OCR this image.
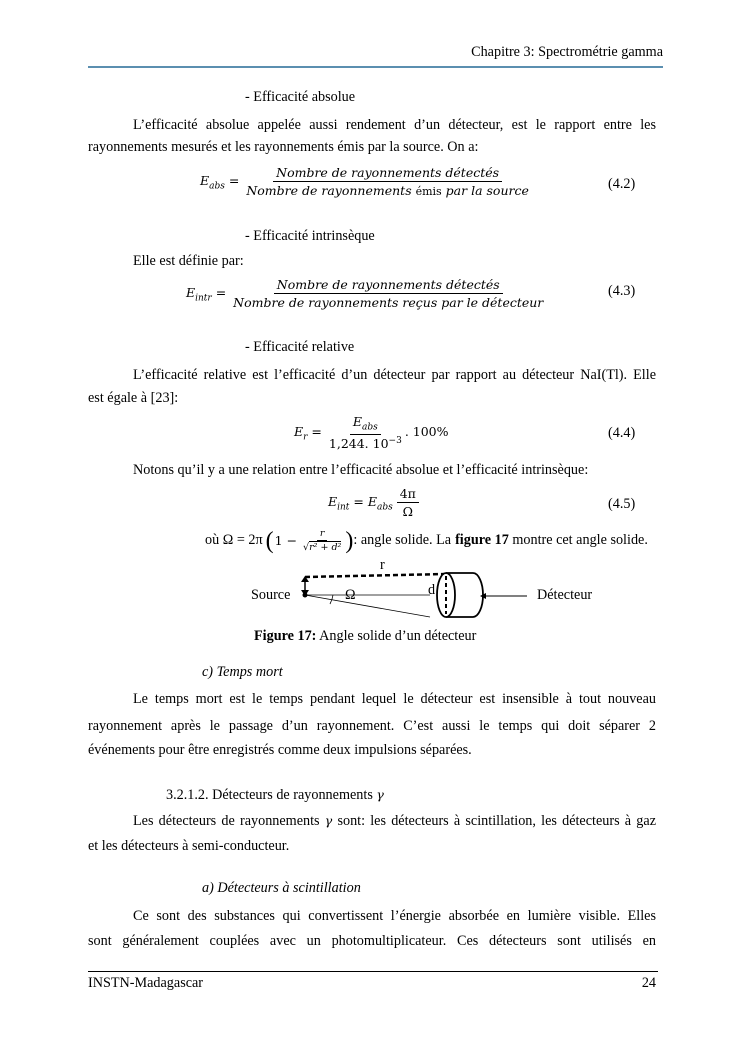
Chapitre 3: Spectrométrie gamma
- Efficacité absolue
L’efficacité absolue appelée aussi rendement d’un détecteur, est le rapport entre les
rayonnements mesurés et les rayonnements émis par la source. On a:
$E_{abs} = \frac{\text{Nombre de rayonnements détectés}}{\text{Nombre de rayonnements émis par la source}}$	(4.2)
- Efficacité intrinsèque
Elle est définie par:
$E_{intr} = \frac{\text{Nombre de rayonnements détectés}}{\text{Nombre de rayonnements reçus par le détecteur}}$	(4.3)
- Efficacité relative
L’efficacité relative est l’efficacité d’un détecteur par rapport au détecteur NaI(Tl). Elle
est égale à [23]:
$E_r = \frac{E_{abs}}{1,244. 10^{-3}}$ . 100%	(4.4)
Notons qu’il y a une relation entre l’efficacité absolue et l’efficacité intrinsèque:
$E_{int} = E_{abs} \frac{4\pi}{\Omega}$	(4.5)
où Ω = 2π ( $1 - \frac{r}{\text{√r² + d²}}$ ) : angle solide. La figure 17 montre cet angle solide.
r
d
Source	Ω	Détecteur
Figure 17: Angle solide d’un détecteur
c) Temps mort
Le temps mort est le temps pendant lequel le détecteur est insensible à tout nouveau
rayonnement après le passage d’un rayonnement. C’est aussi le temps qui doit séparer 2
événements pour être enregistrés comme deux impulsions séparées.
3.2.1.2. Détecteurs de rayonnements γ
Les détecteurs de rayonnements γ sont: les détecteurs à scintillation, les détecteurs à gaz
et les détecteurs à semi-conducteur.
a) Détecteurs à scintillation
Ce sont des substances qui convertissent l’énergie absorbée en lumière visible. Elles
sont généralement couplées avec un photomultiplicateur. Ces détecteurs sont utilisés en
INSTN-Madagascar	24
